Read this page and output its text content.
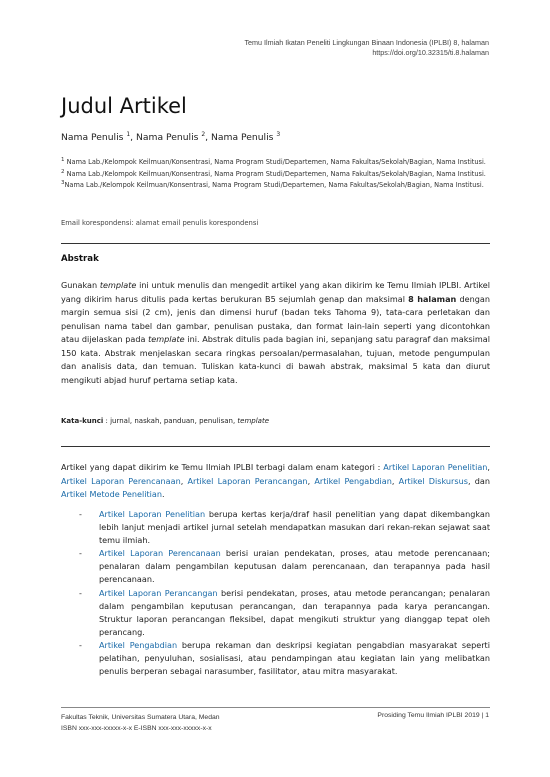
Temu Ilmiah Ikatan Peneliti Lingkungan Binaan Indonesia (IPLBI) 8, halaman
https://doi.org/10.32315/ti.8.halaman
Judul Artikel
Nama Penulis $^1$, Nama Penulis $^2$, Nama Penulis $^3$
$^1$ Nama Lab./Kelompok Keilmuan/Konsentrasi, Nama Program Studi/Departemen, Nama Fakultas/Sekolah/Bagian, Nama Institusi.
$^2$ Nama Lab./Kelompok Keilmuan/Konsentrasi, Nama Program Studi/Departemen, Nama Fakultas/Sekolah/Bagian, Nama Institusi. $^3$Nama Lab./Kelompok Keilmuan/Konsentrasi, Nama Program Studi/Departemen, Nama Fakultas/Sekolah/Bagian, Nama Institusi.
Email korespondensi: alamat email penulis korespondensi
Abstrak
Gunakan template ini untuk menulis dan mengedit artikel yang akan dikirim ke Temu Ilmiah IPLBI. Artikel yang dikirim harus ditulis pada kertas berukuran B5 sejumlah genap dan maksimal 8 halaman dengan margin semua sisi (2 cm), jenis dan dimensi huruf (badan teks Tahoma 9), tata-cara perletakan dan penulisan nama tabel dan gambar, penulisan pustaka, dan format lain-lain seperti yang dicontohkan atau dijelaskan pada template ini. Abstrak ditulis pada bagian ini, sepanjang satu paragraf dan maksimal 150 kata. Abstrak menjelaskan secara ringkas persoalan/permasalahan, tujuan, metode pengumpulan dan analisis data, dan temuan. Tuliskan kata-kunci di bawah abstrak, maksimal 5 kata dan diurut mengikuti abjad huruf pertama setiap kata.
Kata-kunci : jurnal, naskah, panduan, penulisan, template
Artikel yang dapat dikirim ke Temu Ilmiah IPLBI terbagi dalam enam kategori : Artikel Laporan Penelitian, Artikel Laporan Perencanaan, Artikel Laporan Perancangan, Artikel Pengabdian, Artikel Diskursus, dan Artikel Metode Penelitian.
- Artikel Laporan Penelitian berupa kertas kerja/draf hasil penelitian yang dapat dikembangkan lebih lanjut menjadi artikel jurnal setelah mendapatkan masukan dari rekan-rekan sejawat saat temu ilmiah.
- Artikel Laporan Perencanaan berisi uraian pendekatan, proses, atau metode perencanaan; penalaran dalam pengambilan keputusan dalam perencanaan, dan terapannya pada hasil perencanaan.
- Artikel Laporan Perancangan berisi pendekatan, proses, atau metode perancangan; penalaran dalam pengambilan keputusan perancangan, dan terapannya pada karya perancangan. Struktur laporan perancangan fleksibel, dapat mengikuti struktur yang dianggap tepat oleh perancang.
- Artikel Pengabdian berupa rekaman dan deskripsi kegiatan pengabdian masyarakat seperti pelatihan, penyuluhan, sosialisasi, atau pendampingan atau kegiatan lain yang melibatkan penulis berperan sebagai narasumber, fasilitator, atau mitra masyarakat.
Fakultas Teknik, Universitas Sumatera Utara, Medan
ISBN xxx-xxx-xxxxx-x-x E-ISBN xxx-xxx-xxxxx-x-x
Prosiding Temu Ilmiah IPLBI 2019 | 1
